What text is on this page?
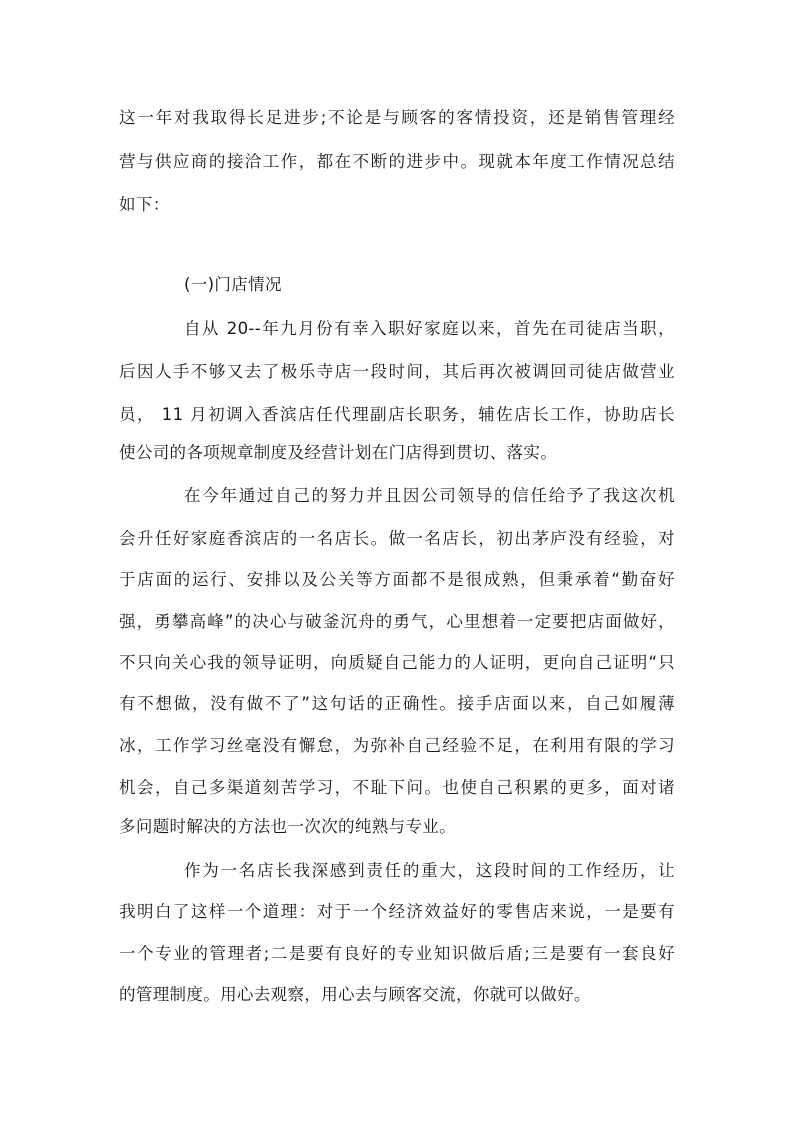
这一年对我取得长足进步;不论是与顾客的客情投资，还是销售管理经
营与供应商的接洽工作，都在不断的进步中。现就本年度工作情况总结
如下：
(一)门店情况
自从 20--年九月份有幸入职好家庭以来，首先在司徒店当职，
后因人手不够又去了极乐寺店一段时间，其后再次被调回司徒店做营业
员， 11 月初调入香滨店任代理副店长职务，辅佐店长工作，协助店长
使公司的各项规章制度及经营计划在门店得到贯切、落实。
在今年通过自己的努力并且因公司领导的信任给予了我这次机
会升任好家庭香滨店的一名店长。做一名店长，初出茅庐没有经验，对
于店面的运行、安排以及公关等方面都不是很成熟，但秉承着“勤奋好
强，勇攀高峰”的决心与破釜沉舟的勇气，心里想着一定要把店面做好，
不只向关心我的领导证明，向质疑自己能力的人证明，更向自己证明“只
有不想做，没有做不了”这句话的正确性。接手店面以来，自己如履薄
冰，工作学习丝毫没有懈怠，为弥补自己经验不足，在利用有限的学习
机会，自己多渠道刻苦学习，不耻下问。也使自己积累的更多，面对诸
多问题时解决的方法也一次次的纯熟与专业。
作为一名店长我深感到责任的重大，这段时间的工作经历，让
我明白了这样一个道理：对于一个经济效益好的零售店来说，一是要有
一个专业的管理者;二是要有良好的专业知识做后盾;三是要有一套良好
的管理制度。用心去观察，用心去与顾客交流，你就可以做好。
